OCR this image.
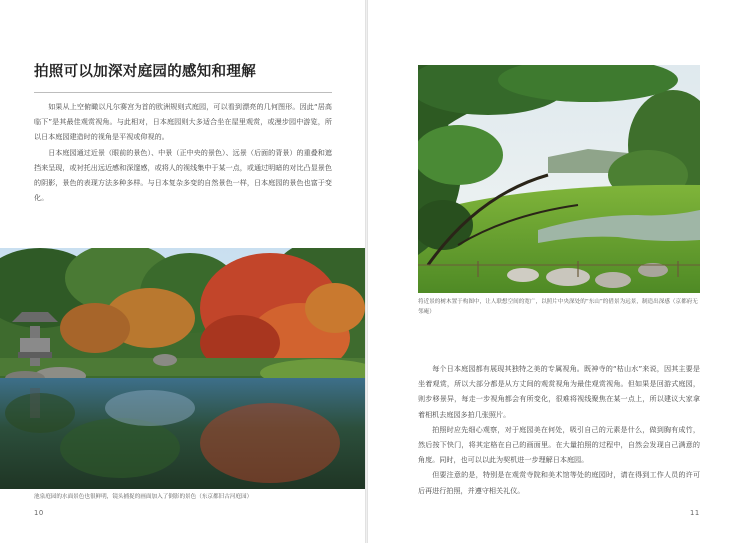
拍照可以加深对庭园的感知和理解

如果从上空俯瞰以凡尔赛宫为首的欧洲规则式庭园，可以看到漂亮的几何图形。因此“居高临下”是其最佳观赏视角。与此相对，日本庭园则大多适合坐在屋里观赏，或漫步园中游览，所以日本庭园建造时的视角是平视或仰视的。

日本庭园通过近景（眼前的景色）、中景（正中央的景色）、远景（后面的背景）的重叠和遮挡来呈现，或衬托出远近感和深邃感，或将人的视线集中于某一点，或通过明暗的对比凸显景色的阴影，景色的表现方法多种多样。与日本复杂多变的自然景色一样，日本庭园的景色也富于变化。

池泉庭园的水面景色也很鲜明，镜头捕捉的画面加入了倒影的景色（东京都旧古河庭园）
10
将近景的树木置于构图中，让人联想空间的宽广，以照片中央深处的“东山”的借景为远景，制造出深感（京都府无邻庵）

每个日本庭园都有展现其独特之美的专属视角。既神寺的“枯山水”来说，因其主要是坐着观赏，所以大部分都是从方丈间的观赏视角为最佳观赏视角。但如果是回游式庭园，则步移景异，每走一步视角都会有所变化，很难将视线聚焦在某一点上，所以建议大家拿着相机去庭园多拍几张照片。

拍照时应先细心观察，对于庭园美在何处，吸引自己的元素是什么，做到胸有成竹，然后按下快门，将其定格在自己的画面里。在大量拍照的过程中，自然会发现自己满意的角度。同时，也可以以此为契机进一步理解日本庭园。

但要注意的是，特别是在观赏寺院和美术馆等处的庭园时，请在得到工作人员的许可后再进行拍照，并遵守相关礼仪。

11
